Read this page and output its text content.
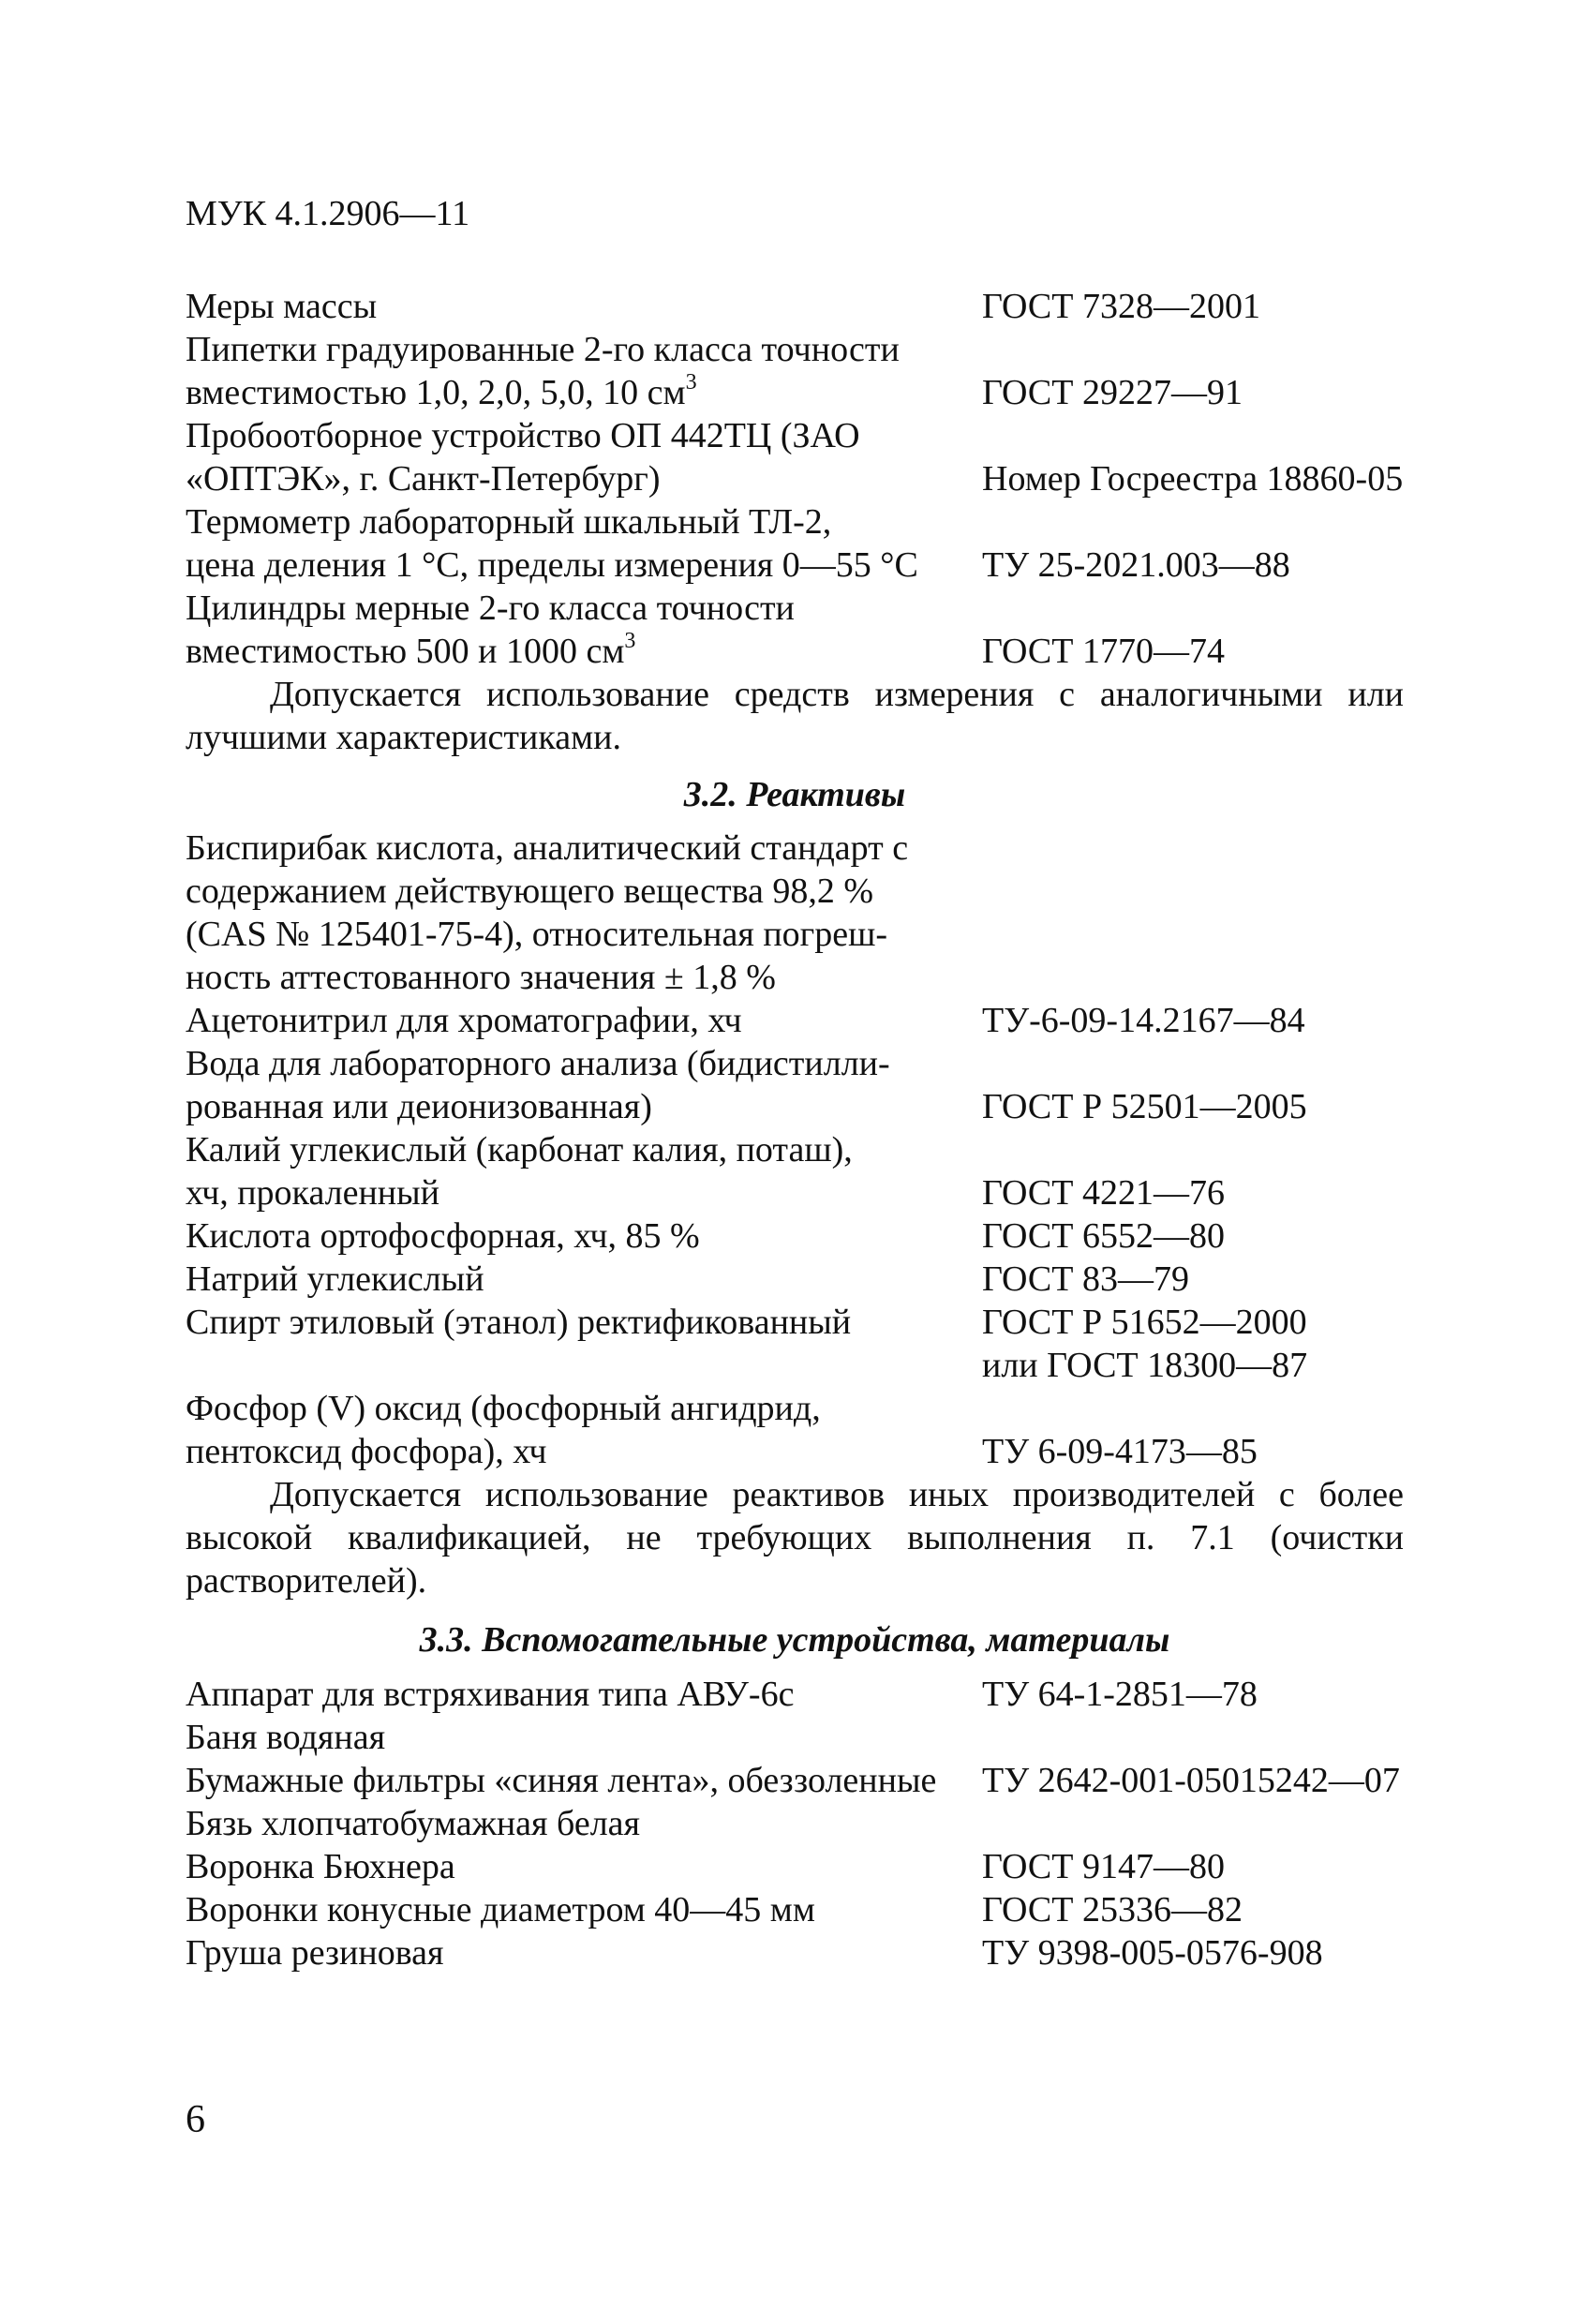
МУК 4.1.2906—11
Меры массы	ГОСТ 7328—2001
Пипетки градуированные 2-го класса точности
вместимостью 1,0, 2,0, 5,0, 10 $см^3$	ГОСТ 29227—91
Пробоотборное устройство ОП 442ТЦ (ЗАО
«ОПТЭК», г. Санкт-Петербург)	Номер Госреестра 18860-05
Термометр лабораторный шкальный ТЛ-2,
цена деления 1 °С, пределы измерения 0—55 °С ТУ 25-2021.003—88
Цилиндры мерные 2-го класса точности
вместимостью 500 и 1000 $см^3$	ГОСТ 1770—74
Допускается использование средств измерения с аналогичными или лучшими характеристиками.
3.2. Реактивы
Биспирибак кислота, аналитический стандарт с
содержанием действующего вещества 98,2 %
(CAS № 125401-75-4), относительная погреш-
ность аттестованного значения ± 1,8 %
Ацетонитрил для хроматографии, хч	ТУ-6-09-14.2167—84
Вода для лабораторного анализа (бидистилли-
рованная или деионизованная)	ГОСТ Р 52501—2005
Калий углекислый (карбонат калия, поташ),
хч, прокаленный	ГОСТ 4221—76
Кислота ортофосфорная, хч, 85 %	ГОСТ 6552—80
Натрий углекислый	ГОСТ 83—79
Спирт этиловый (этанол) ректификованный	ГОСТ Р 51652—2000
или ГОСТ 18300—87
Фосфор (V) оксид (фосфорный ангидрид,
пентоксид фосфора), хч	ТУ 6-09-4173—85
Допускается использование реактивов иных производителей с более высокой квалификацией, не требующих выполнения п. 7.1 (очистки растворителей).
3.3. Вспомогательные устройства, материалы
Аппарат для встряхивания типа АВУ-6с	ТУ 64-1-2851—78
Баня водяная
Бумажные фильтры «синяя лента», обеззоленные ТУ 2642-001-05015242—07
Бязь хлопчатобумажная белая
Воронка Бюхнера	ГОСТ 9147—80
Воронки конусные диаметром 40—45 мм	ГОСТ 25336—82
Груша резиновая	ТУ 9398-005-0576-908
6
